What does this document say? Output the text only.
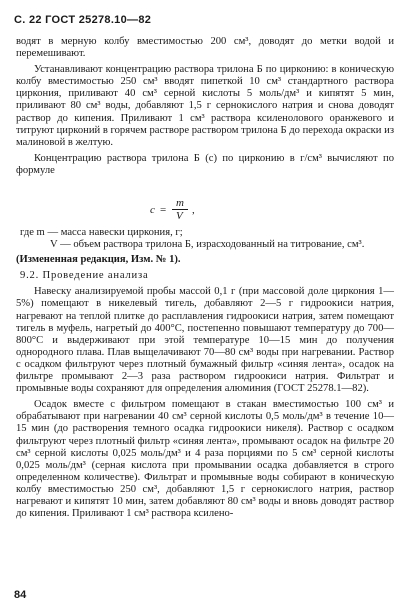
С. 22 ГОСТ 25278.10—82

водят в мерную колбу вместимостью 200 см³, доводят до метки водой и перемешивают.

Устанавливают концентрацию раствора трилона Б по цирконию: в коническую колбу вместимостью 250 см³ вводят пипеткой 10 см³ стандартного раствора циркония, приливают 40 см³ серной кислоты 5 моль/дм³ и кипятят 5 мин, приливают 80 см³ воды, добавляют 1,5 г сернокислого натрия и снова доводят раствор до кипения. Приливают 1 см³ раствора ксиленолового оранжевого и титруют цирконий в горячем растворе раствором трилона Б до перехода окраски из малиновой в желтую.

Концентрацию раствора трилона Б (c) по цирконию в г/см³ вычисляют по формуле

c =
m
V ,

где m — масса навески циркония, г;

V — объем раствора трилона Б, израсходованный на титрование, см³.

(Измененная редакция, Изм. № 1).

9.2. Проведение анализа

Навеску анализируемой пробы массой 0,1 г (при массовой доле циркония 1—5%) помещают в никелевый тигель, добавляют 2—5 г гидроокиси натрия, нагревают на теплой плитке до расплавления гидроокиси натрия, затем помещают тигель в муфель, нагретый до 400°С, постепенно повышают температуру до 700—800°С и выдерживают при этой температуре 10—15 мин до получения однородного плава. Плав выщелачивают 70—80 см³ воды при нагревании. Раствор с осадком фильтруют через плотный бумажный фильтр «синяя лента», осадок на фильтре промывают 2—3 раза раствором гидроокиси натрия. Фильтрат и промывные воды сохраняют для определения алюминия (ГОСТ 25278.1—82).

Осадок вместе с фильтром помещают в стакан вместимостью 100 см³ и обрабатывают при нагревании 40 см³ серной кислоты 0,5 моль/дм³ в течение 10—15 мин (до растворения темного осадка гидроокиси никеля). Раствор с осадком фильтруют через плотный фильтр «синяя лента», промывают осадок на фильтре 20 см³ серной кислоты 0,025 моль/дм³ и 4 раза порциями по 5 см³ серной кислоты 0,025 моль/дм³ (серная кислота при промывании осадка добавляется в строго определенном количестве). Фильтрат и промывные воды собирают в коническую колбу вместимостью 250 см³, добавляют 1,5 г сернокислого натрия, раствор нагревают и кипятят 10 мин, затем добавляют 80 см³ воды и вновь доводят раствор до кипения. Приливают 1 см³ раствора ксилено-

84
